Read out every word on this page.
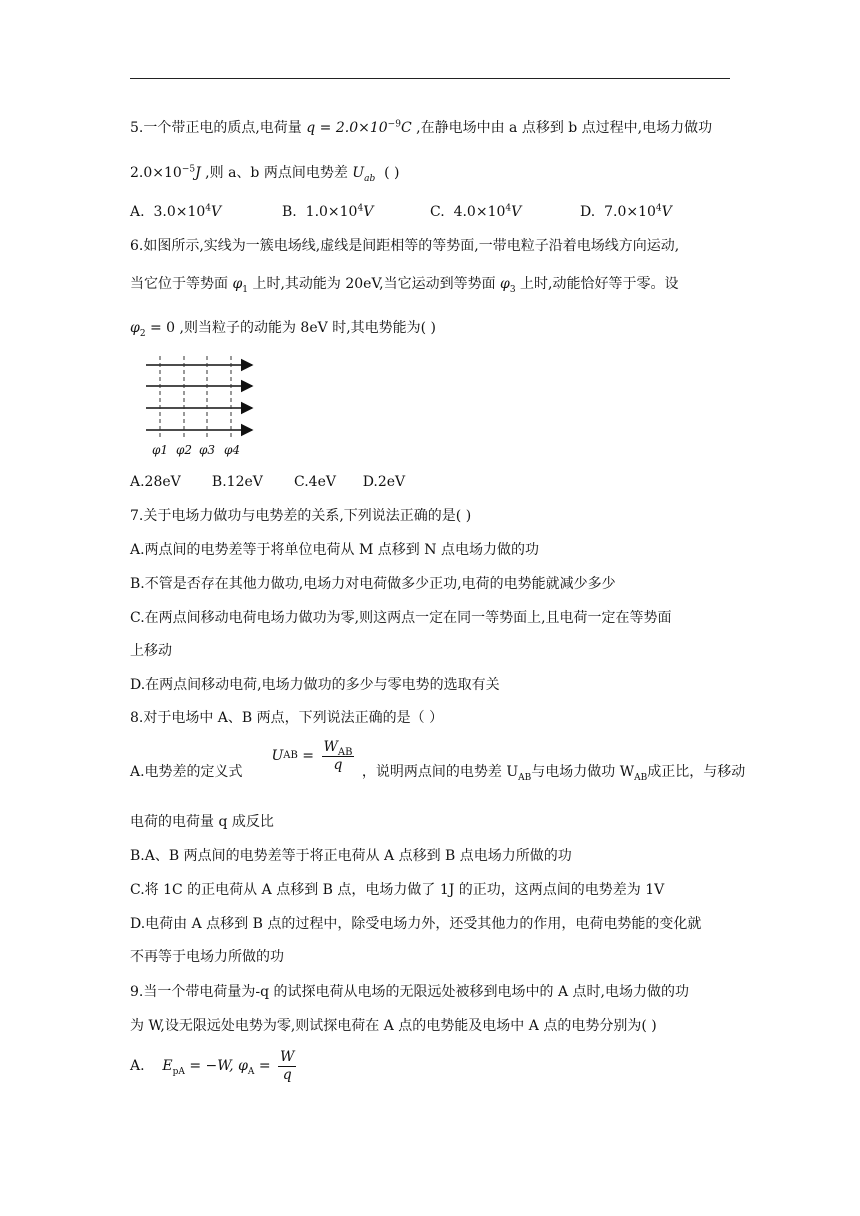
5.一个带正电的质点,电荷量 $q = 2.0\times 10^{-9}C$ ,在静电场中由 a 点移到 b 点过程中,电场力做功
$2.0\times 10^{-5}J$ ,则 a、b 两点间电势差 $U_{ab}$ ( )
A. $3.0\times 10^4V$	B. $1.0\times 10^4V$	C. $4.0\times 10^4V$	D. $7.0\times 10^4V$
6.如图所示,实线为一簇电场线,虚线是间距相等的等势面,一带电粒子沿着电场线方向运动,
当它位于等势面 $\varphi_1$ 上时,其动能为 20eV,当它运动到等势面 $\varphi_3$ 上时,动能恰好等于零。设
$\varphi_2 = 0$ ,则当粒子的动能为 8eV 时,其电势能为( )
φ1 φ2 φ3 φ4
A.28eV       B.12eV       C.4eV      D.2eV
7.关于电场力做功与电势差的关系,下列说法正确的是( )
A.两点间的电势差等于将单位电荷从 M 点移到 N 点电场力做的功
B.不管是否存在其他力做功,电场力对电荷做多少正功,电荷的电势能就减少多少
C.在两点间移动电荷电场力做功为零,则这两点一定在同一等势面上,且电荷一定在等势面
上移动
D.在两点间移动电荷,电场力做功的多少与零电势的选取有关
8.对于电场中 A、B 两点，下列说法正确的是（ ）
A.电势差的定义式
U AB = $\frac{W_{AB}}{q}$ ，说明两点间的电势差 $U_{AB}$与电场力做功 $W_{AB}$成正比，与移动
电荷的电荷量 q 成反比
B.A、B 两点间的电势差等于将正电荷从 A 点移到 B 点电场力所做的功
C.将 1C 的正电荷从 A 点移到 B 点，电场力做了 1J 的正功，这两点间的电势差为 1V
D.电荷由 A 点移到 B 点的过程中，除受电场力外，还受其他力的作用，电荷电势能的变化就
不再等于电场力所做的功
9.当一个带电荷量为-q 的试探电荷从电场的无限远处被移到电场中的 A 点时,电场力做的功
为 W,设无限远处电势为零,则试探电荷在 A 点的电势能及电场中 A 点的电势分别为( )
A. $E_{pA} = -W$, $\varphi_A = \frac{W}{q}$
